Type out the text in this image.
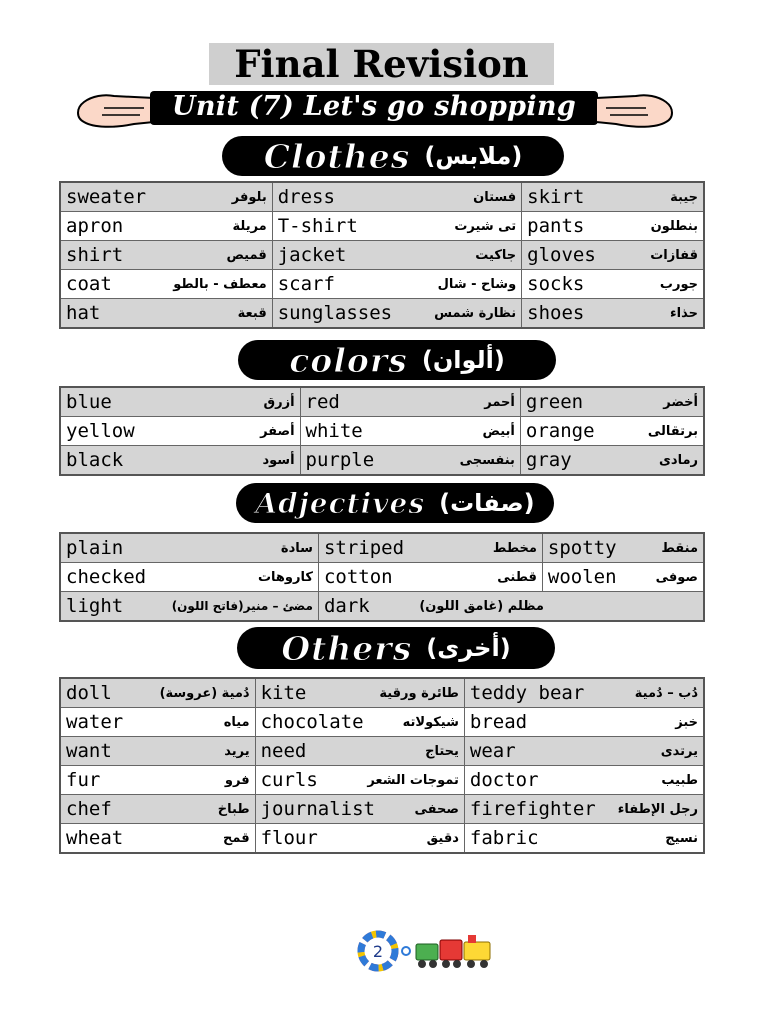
Final Revision
Unit (7) Let's go shopping
Clothes (ملابس)
sweater بلوفر	dress فستان	skirt جيبة

apron مريلة	T-shirt تى شيرت	pants بنطلون

shirt قميص	jacket جاكيت	gloves قفازات

coat معطف - بالطو	scarf وشاح - شال	socks جورب

hat قبعة	sunglasses نظارة شمس	shoes حذاء
colors (ألوان)
blue أزرق	red أحمر	green أخضر

yellow أصفر	white أبيض	orange برتقالى

black أسود	purple بنفسجى	gray رمادى
Adjectives (صفات)
plain سادة	striped مخطط	spotty منقط

checked كاروهات	cotton قطنى	woolen صوفى

light مضئ – منير(فاتح اللون)	dark مظلم (غامق اللون)	
Others (أخرى)
doll دُمية (عروسة)	kite طائرة ورقية	teddy bear دُب – دُمية

water مياه	chocolate شيكولاته	bread خبز

want يريد	need يحتاج	wear يرتدى

fur فرو	curls تموجات الشعر	doctor طبيب

chef طباخ	journalist صحفى	firefighter رجل الإطفاء

wheat قمح	flour دقيق	fabric نسيج
2
